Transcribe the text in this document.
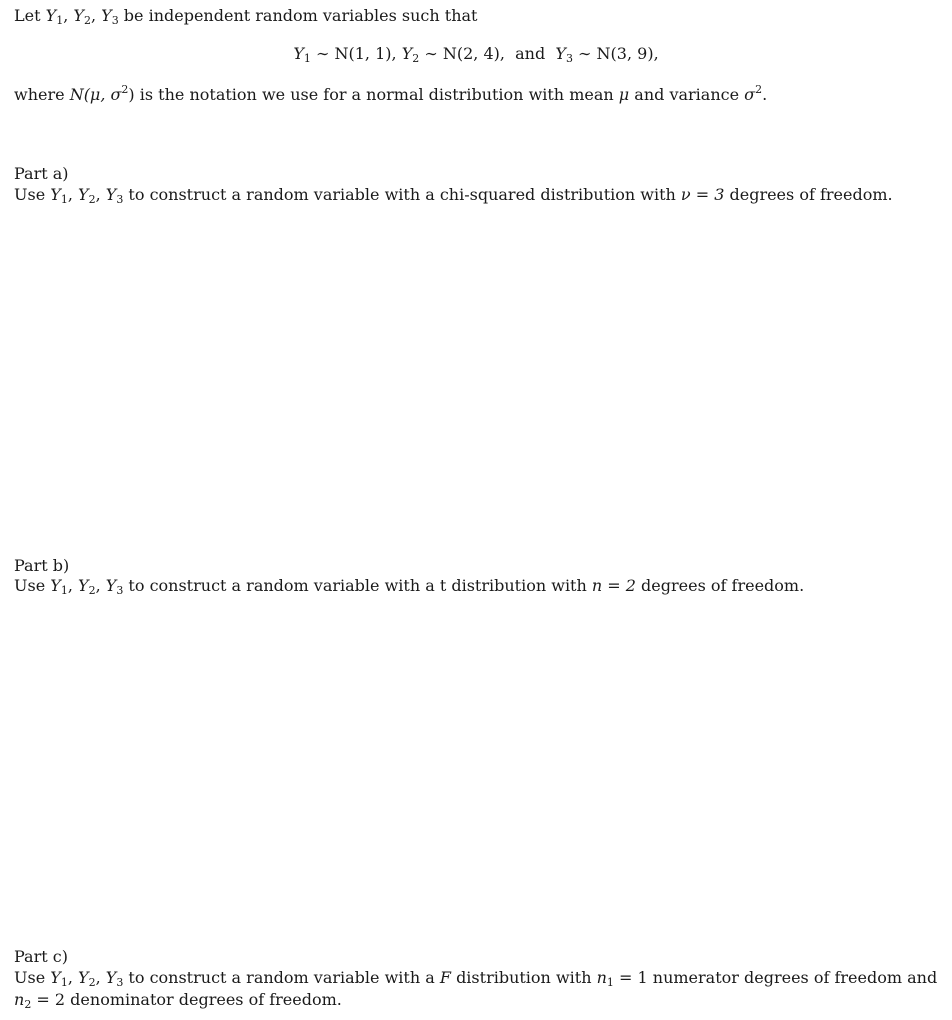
Let $Y_1$, $Y_2$, $Y_3$ be independent random variables such that
$Y_1$ ∼ N(1, 1), $Y_2$ ∼ N(2, 4), and $Y_3$ ∼ N(3, 9),
where N(μ, $\sigma^2$) is the notation we use for a normal distribution with mean μ and variance $\sigma^2$.
Part a)
Use $Y_1$, $Y_2$, $Y_3$ to construct a random variable with a chi-squared distribution with ν = 3 degrees of freedom.
Part b)
Use $Y_1$, $Y_2$, $Y_3$ to construct a random variable with a t distribution with n = 2 degrees of freedom.
Part c)
Use $Y_1$, $Y_2$, $Y_3$ to construct a random variable with a F distribution with $n_1 = 1$ numerator degrees of freedom and
$n_2 = 2$ denominator degrees of freedom.
